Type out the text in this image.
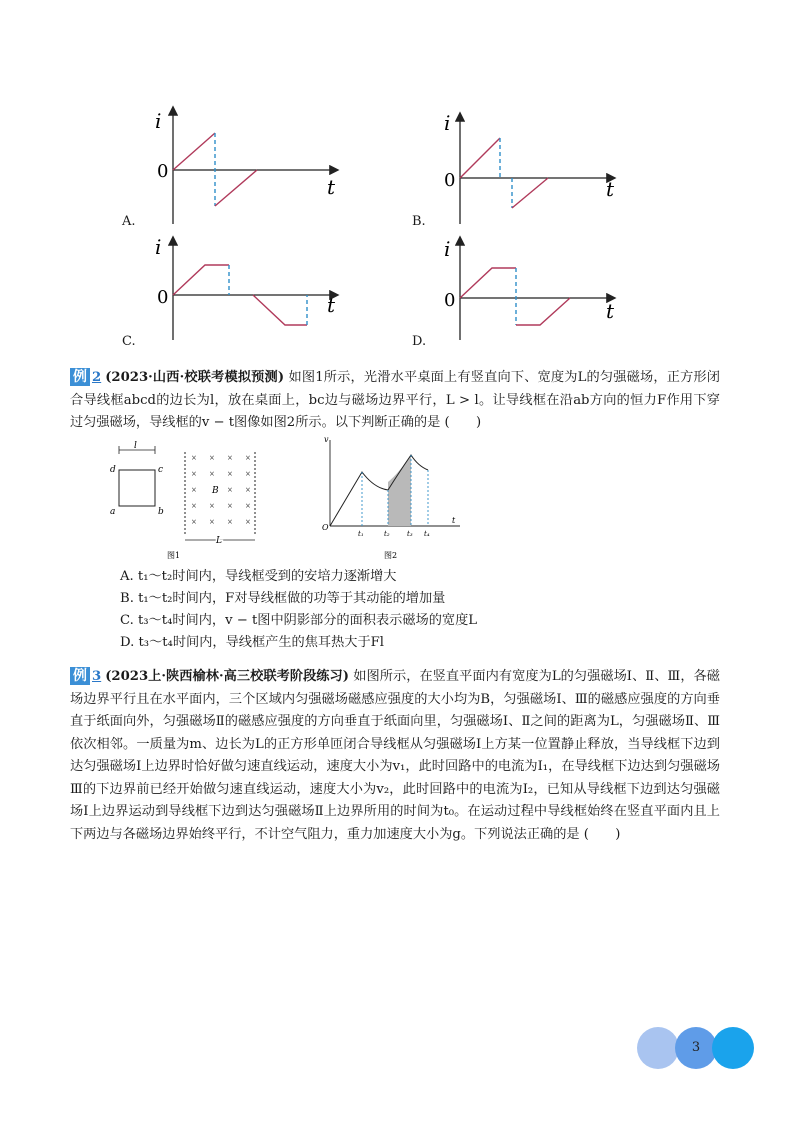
i
t
0
A.
i
t
0
B.
i
t
0
C.
i
t
0
D.
例 2 (2023·山西·校联考模拟预测) 如图1所示，光滑水平桌面上有竖直向下、宽度为L的匀强磁场，正方形闭合导线框abcd的边长为l，放在桌面上，bc边与磁场边界平行，L > l。让导线框在沿ab方向的恒力F作用下穿过匀强磁场，导线框的v − t图像如图2所示。以下判断正确的是 (　　)
l
d	c
a	b
× × × ×
× × × ×
×	× ×
× × × ×
× × × ×
B
L
图1
v
t
O
t₁	t₂ t₃ t₄
图2
A. t₁～t₂时间内，导线框受到的安培力逐渐增大
B. t₁～t₂时间内，F对导线框做的功等于其动能的增加量
C. t₃～t₄时间内，v − t图中阴影部分的面积表示磁场的宽度L
D. t₃～t₄时间内，导线框产生的焦耳热大于Fl
例 3 (2023上·陕西榆林·高三校联考阶段练习) 如图所示，在竖直平面内有宽度为L的匀强磁场Ⅰ、Ⅱ、Ⅲ，各磁场边界平行且在水平面内，三个区域内匀强磁场磁感应强度的大小均为B，匀强磁场Ⅰ、Ⅲ的磁感应强度的方向垂直于纸面向外，匀强磁场Ⅱ的磁感应强度的方向垂直于纸面向里，匀强磁场Ⅰ、Ⅱ之间的距离为L，匀强磁场Ⅱ、Ⅲ依次相邻。一质量为m、边长为L的正方形单匝闭合导线框从匀强磁场Ⅰ上方某一位置静止释放，当导线框下边到达匀强磁场Ⅰ上边界时恰好做匀速直线运动，速度大小为v₁，此时回路中的电流为I₁，在导线框下边达到匀强磁场Ⅲ的下边界前已经开始做匀速直线运动，速度大小为v₂，此时回路中的电流为I₂，已知从导线框下边到达匀强磁场Ⅰ上边界运动到导线框下边到达匀强磁场Ⅱ上边界所用的时间为t₀。在运动过程中导线框始终在竖直平面内且上下两边与各磁场边界始终平行，不计空气阻力，重力加速度大小为g。下列说法正确的是 (　　)
3
